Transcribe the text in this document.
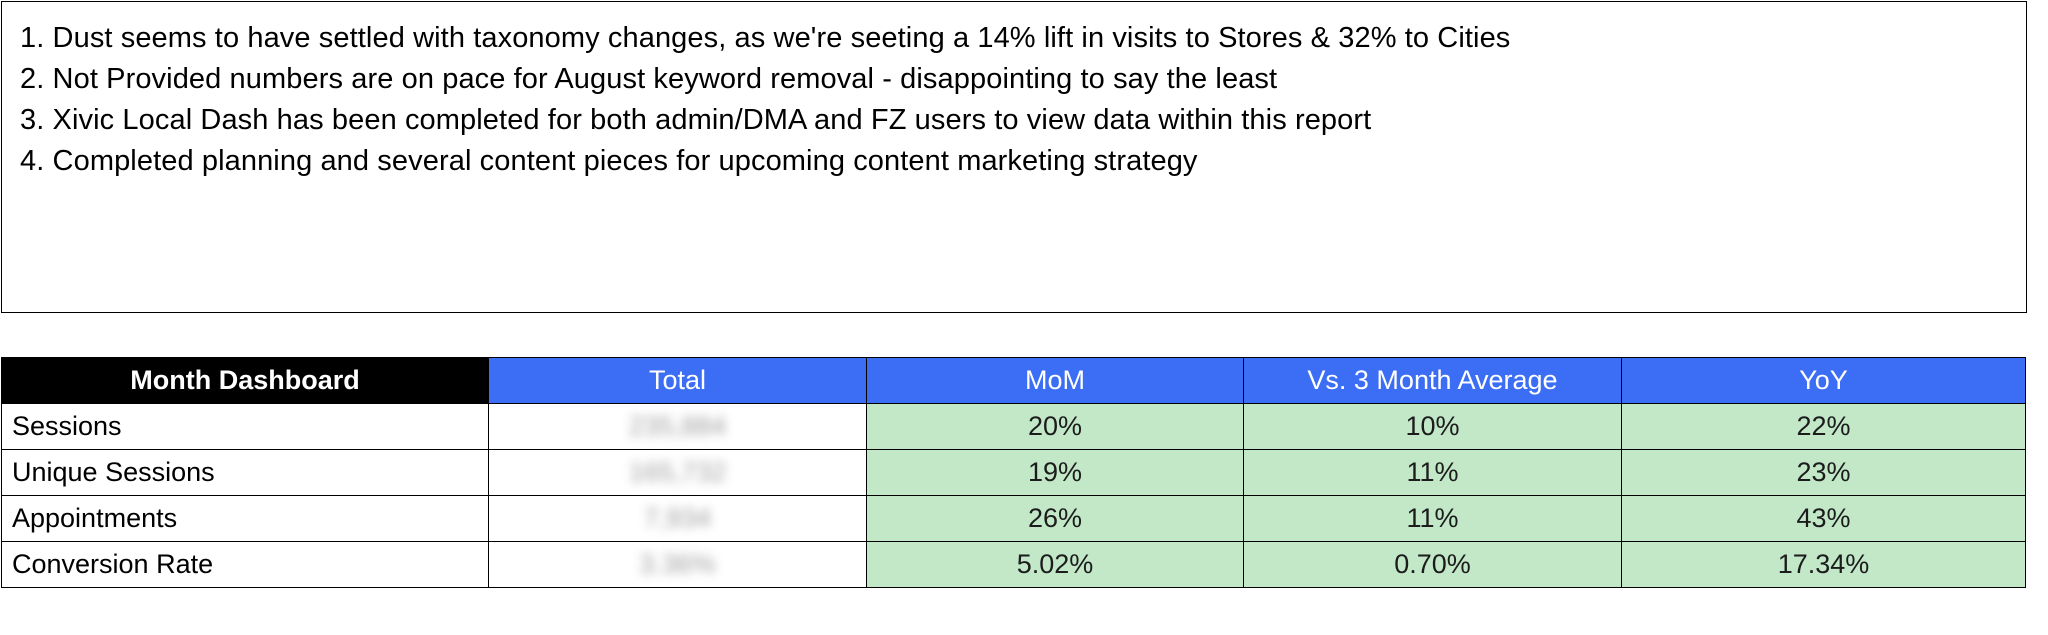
1. Dust seems to have settled with taxonomy changes, as we're seeting a 14% lift in visits to Stores & 32% to Cities
2. Not Provided numbers are on pace for August keyword removal - disappointing to say the least
3. Xivic Local Dash has been completed for both admin/DMA and FZ users to view data within this report
4. Completed planning and several content pieces for upcoming content marketing strategy
Month Dashboard	Total	MoM	Vs. 3 Month Average	YoY
Sessions	235,884	20%	10%	22%
Unique Sessions	165,732	19%	11%	23%
Appointments	7,934	26%	11%	43%
Conversion Rate	3.36%	5.02%	0.70%	17.34%
